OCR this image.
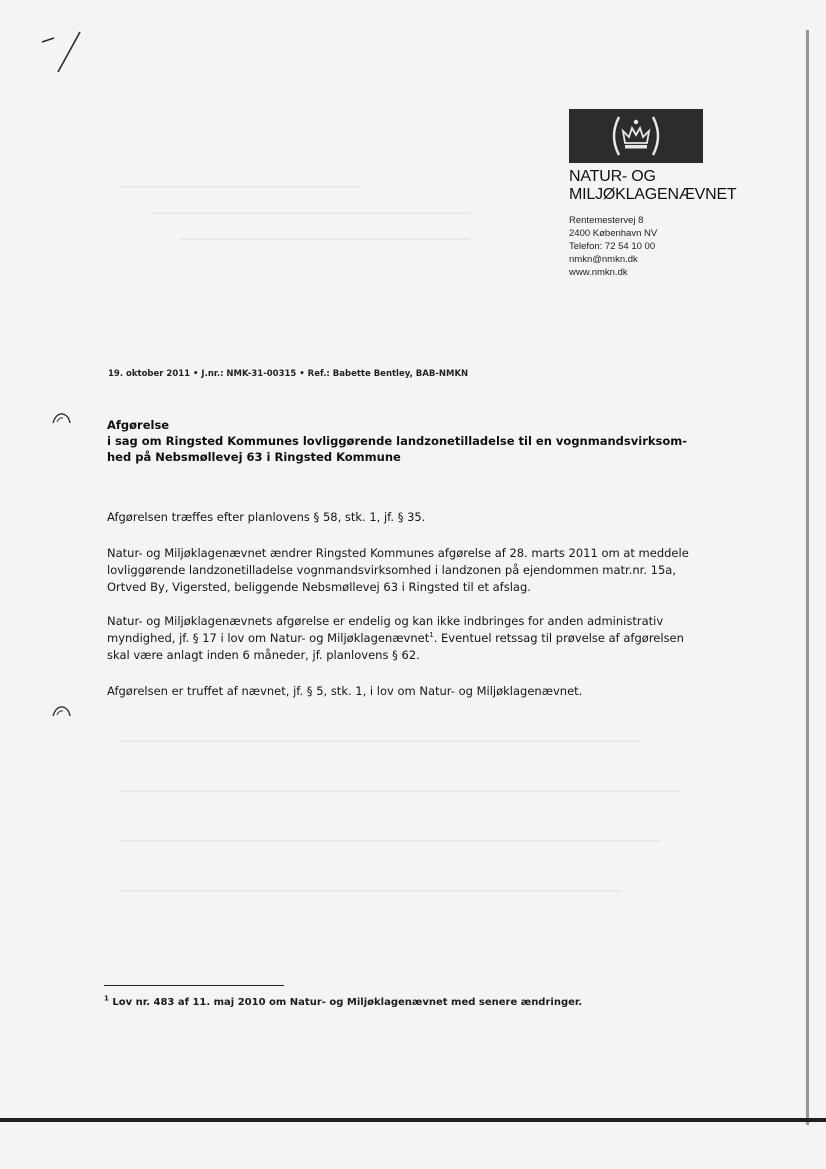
NATUR- OG
MILJØKLAGENÆVNET
Rentemestervej 8
2400 København NV
Telefon: 72 54 10 00
nmkn@nmkn.dk
www.nmkn.dk
19. oktober 2011 • J.nr.: NMK-31-00315 • Ref.: Babette Bentley, BAB-NMKN
Afgørelse
i sag om Ringsted Kommunes lovliggørende landzonetilladelse til en vognmandsvirksom-
hed på Nebsmøllevej 63 i Ringsted Kommune
Afgørelsen træffes efter planlovens § 58, stk. 1, jf. § 35.
Natur- og Miljøklagenævnet ændrer Ringsted Kommunes afgørelse af 28. marts 2011 om at meddele
lovliggørende landzonetilladelse vognmandsvirksomhed i landzonen på ejendommen matr.nr. 15a,
Ortved By, Vigersted, beliggende Nebsmøllevej 63 i Ringsted til et afslag.
Natur- og Miljøklagenævnets afgørelse er endelig og kan ikke indbringes for anden administrativ
myndighed, jf. § 17 i lov om Natur- og Miljøklagenævnet$^1$. Eventuel retssag til prøvelse af afgørelsen
skal være anlagt inden 6 måneder, jf. planlovens § 62.
Afgørelsen er truffet af nævnet, jf. § 5, stk. 1, i lov om Natur- og Miljøklagenævnet.
$^1$ Lov nr. 483 af 11. maj 2010 om Natur- og Miljøklagenævnet med senere ændringer.
